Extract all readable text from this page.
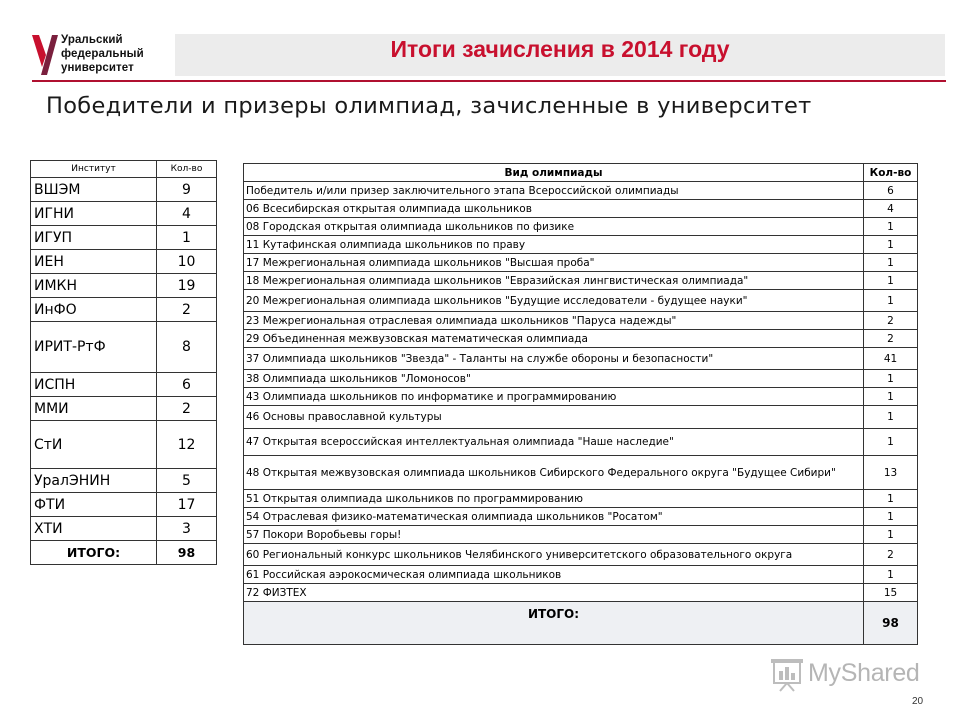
Уральский
федеральный
университет
Итоги зачисления в 2014 году
Победители и призеры олимпиад, зачисленные в университет
Институт	Кол-во
ВШЭМ	9
ИГНИ	4
ИГУП	1
ИЕН	10
ИМКН	19
ИнФО	2
ИРИТ-РтФ	8
ИСПН	6
ММИ	2
СтИ	12
УралЭНИН	5
ФТИ	17
ХТИ	3
ИТОГО:	98
Вид олимпиады	Кол-во
Победитель и/или призер заключительного этапа Всероссийской олимпиады	6
06 Всесибирская открытая олимпиада школьников	4
08 Городская открытая олимпиада школьников по физике	1
11 Кутафинская олимпиада школьников по праву	1
17 Межрегиональная олимпиада школьников "Высшая проба"	1
18 Межрегиональная олимпиада школьников "Евразийская лингвистическая олимпиада"	1
20 Межрегиональная олимпиада школьников "Будущие исследователи - будущее науки"	1
23 Межрегиональная отраслевая олимпиада школьников "Паруса надежды"	2
29 Объединенная межвузовская математическая олимпиада	2
37 Олимпиада школьников "Звезда" - Таланты на службе обороны и безопасности"	41
38 Олимпиада школьников "Ломоносов"	1
43 Олимпиада школьников по информатике и программированию	1
46 Основы православной культуры	1
47 Открытая всероссийская интеллектуальная олимпиада "Наше наследие"	1
48 Открытая межвузовская олимпиада школьников Сибирского Федерального округа "Будущее Сибири"	13
51 Открытая олимпиада школьников по программированию	1
54 Отраслевая физико-математическая олимпиада школьников "Росатом"	1
57 Покори Воробьевы горы!	1
60 Региональный конкурс школьников Челябинского университетского образовательного округа	2
61 Российская аэрокосмическая олимпиада школьников	1
72 ФИЗТЕХ	15
ИТОГО:	98
MyShared
20
